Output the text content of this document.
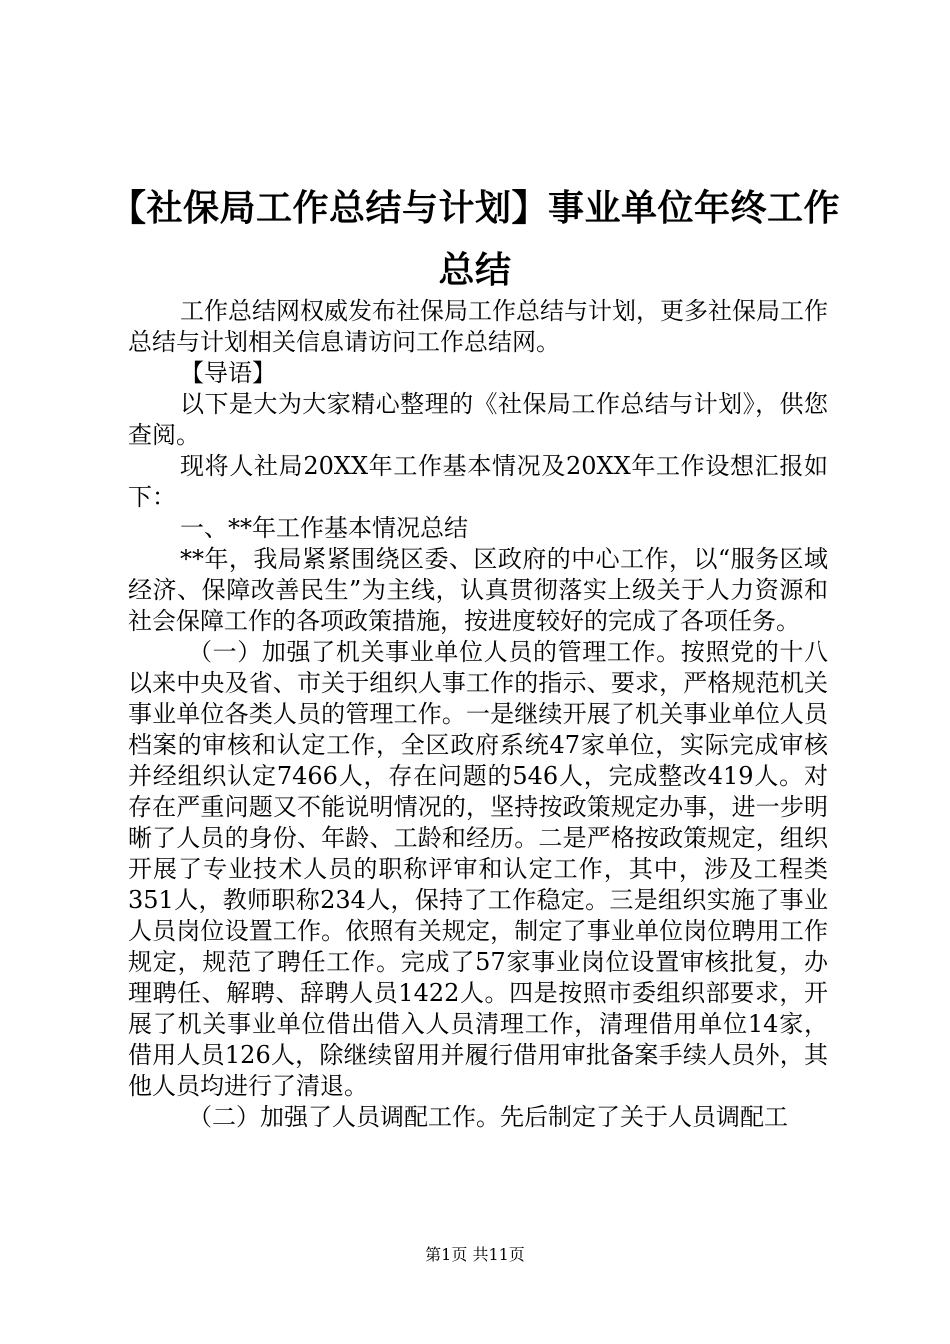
【社保局工作总结与计划】事业单位年终工作总结

工作总结网权威发布社保局工作总结与计划，更多社保局工作总结与计划相关信息请访问工作总结网。

【导语】

以下是大为大家精心整理的《社保局工作总结与计划》，供您查阅。

现将人社局20XX年工作基本情况及20XX年工作设想汇报如下：

一、**年工作基本情况总结

**年，我局紧紧围绕区委、区政府的中心工作，以“服务区域经济、保障改善民生”为主线，认真贯彻落实上级关于人力资源和社会保障工作的各项政策措施，按进度较好的完成了各项任务。

（一）加强了机关事业单位人员的管理工作。按照党的十八以来中央及省、市关于组织人事工作的指示、要求，严格规范机关事业单位各类人员的管理工作。一是继续开展了机关事业单位人员档案的审核和认定工作，全区政府系统47家单位，实际完成审核并经组织认定7466人，存在问题的546人，完成整改419人。对存在严重问题又不能说明情况的，坚持按政策规定办事，进一步明晰了人员的身份、年龄、工龄和经历。二是严格按政策规定，组织开展了专业技术人员的职称评审和认定工作，其中，涉及工程类351人，教师职称234人，保持了工作稳定。三是组织实施了事业人员岗位设置工作。依照有关规定，制定了事业单位岗位聘用工作规定，规范了聘任工作。完成了57家事业岗位设置审核批复，办理聘任、解聘、辞聘人员1422人。四是按照市委组织部要求，开展了机关事业单位借出借入人员清理工作，清理借用单位14家，借用人员126人，除继续留用并履行借用审批备案手续人员外，其他人员均进行了清退。

（二）加强了人员调配工作。先后制定了关于人员调配工

第1页 共11页
